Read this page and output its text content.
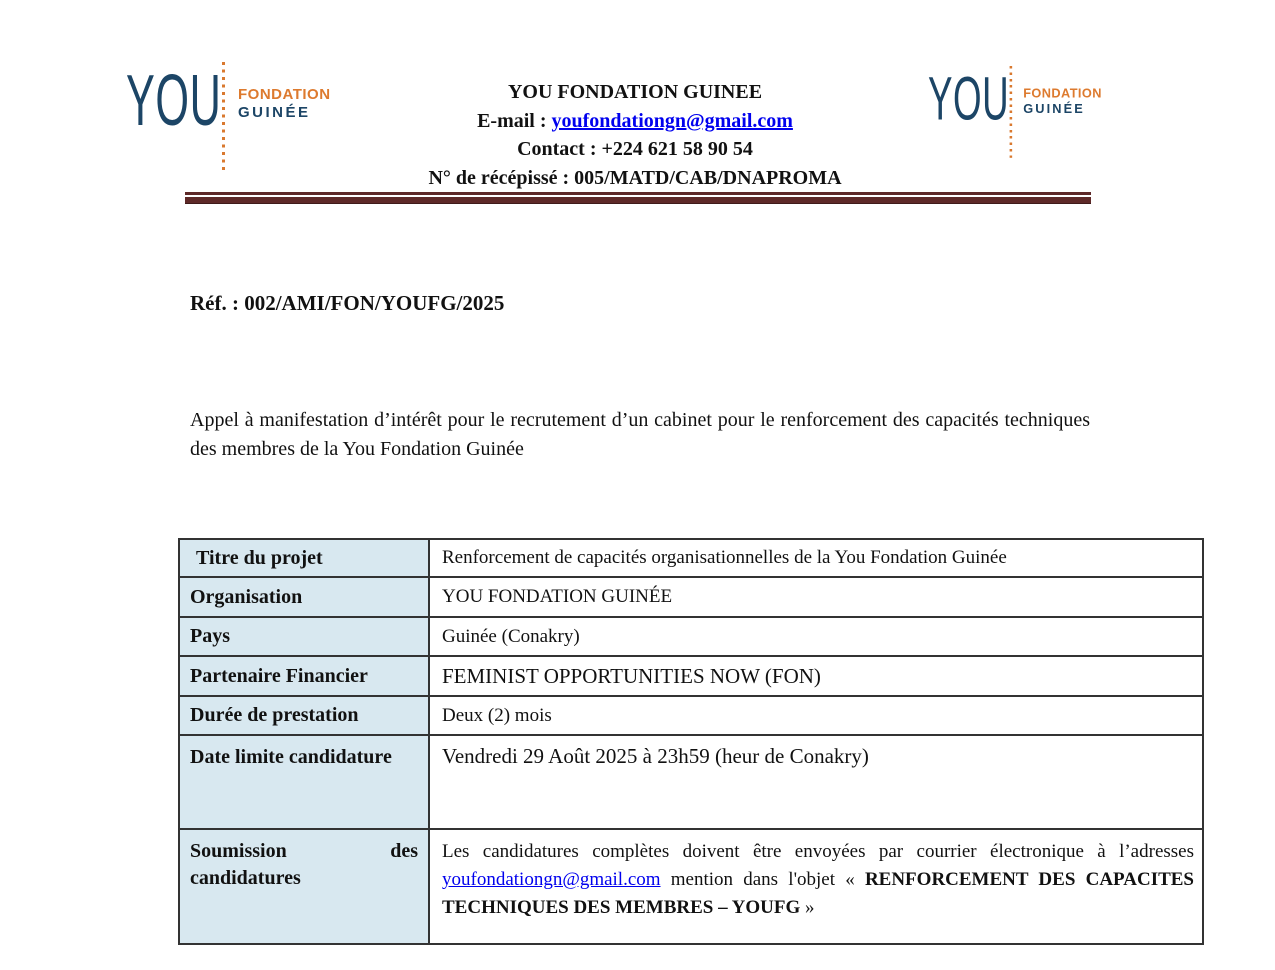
YOU FONDATION
GUINÉE	YOU FONDATION
GUINÉE
YOU FONDATION GUINEE
E-mail : youfondationgn@gmail.com
Contact : +224 621 58 90 54
N° de récépissé : 005/MATD/CAB/DNAPROMA
Réf. : 002/AMI/FON/YOUFG/2025

Appel à manifestation d’intérêt pour le recrutement d’un cabinet pour le renforcement des capacités techniques des membres de la You Fondation Guinée

Titre du projet	Renforcement de capacités organisationnelles de la You Fondation Guinée
Organisation	YOU FONDATION GUINÉE
Pays	Guinée (Conakry)
Partenaire Financier	FEMINIST OPPORTUNITIES NOW (FON)
Durée de prestation	Deux (2) mois
Date limite candidature	Vendredi 29 Août 2025 à 23h59 (heur de Conakry)
Soumission des candidatures	Les candidatures complètes doivent être envoyées par courrier électronique à l’adresses youfondationgn@gmail.com mention dans l'objet « RENFORCEMENT DES CAPACITES TECHNIQUES DES MEMBRES – YOUFG »
